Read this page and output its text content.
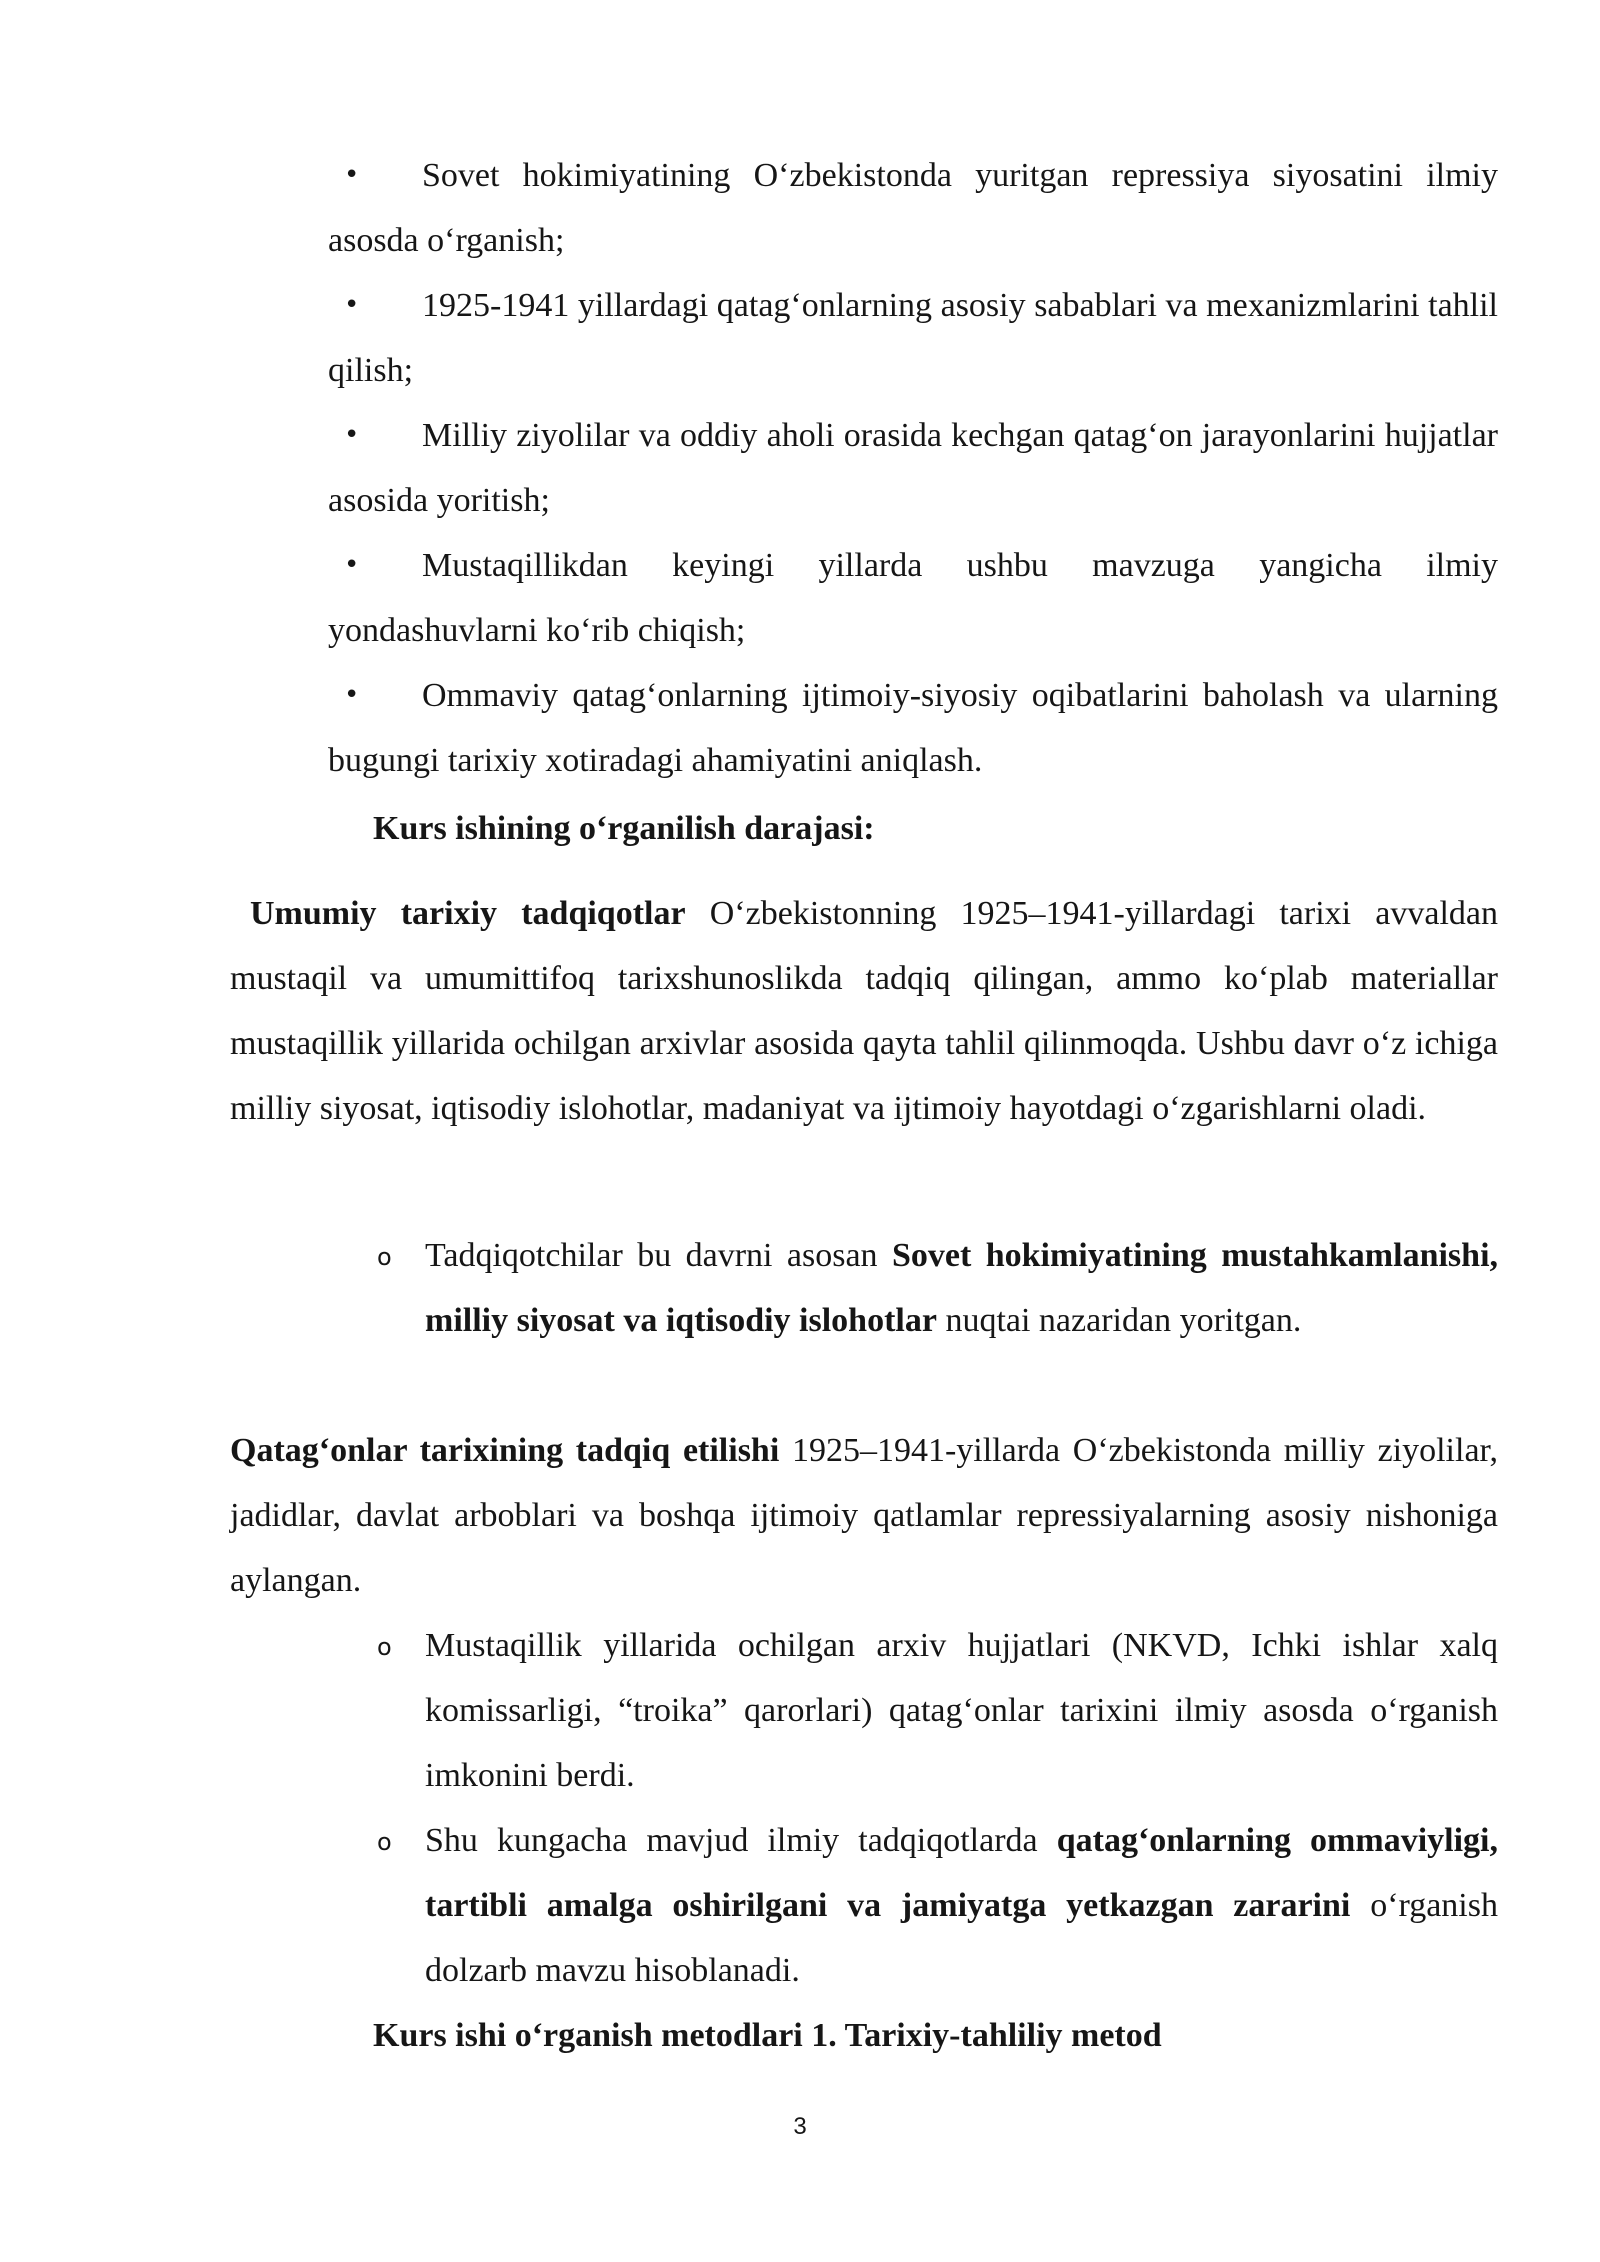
• Sovet hokimiyatining O‘zbekistonda yuritgan repressiya siyosatini ilmiy asosda o‘rganish;
• 1925-1941 yillardagi qatag‘onlarning asosiy sabablari va mexanizmlarini tahlil qilish;
• Milliy ziyolilar va oddiy aholi orasida kechgan qatag‘on jarayonlarini hujjatlar asosida yoritish;
• Mustaqillikdan keyingi yillarda ushbu mavzuga yangicha ilmiy yondashuvlarni ko‘rib chiqish;
• Ommaviy qatag‘onlarning ijtimoiy-siyosiy oqibatlarini baholash va ularning bugungi tarixiy xotiradagi ahamiyatini aniqlash.

Kurs ishining o‘rganilish darajasi:

Umumiy tarixiy tadqiqotlar O‘zbekistonning 1925–1941-yillardagi tarixi avvaldan mustaqil va umumittifoq tarixshunoslikda tadqiq qilingan, ammo ko‘plab materiallar mustaqillik yillarida ochilgan arxivlar asosida qayta tahlil qilinmoqda. Ushbu davr o‘z ichiga milliy siyosat, iqtisodiy islohotlar, madaniyat va ijtimoiy hayotdagi o‘zgarishlarni oladi.

o Tadqiqotchilar bu davrni asosan Sovet hokimiyatining mustahkamlanishi, milliy siyosat va iqtisodiy islohotlar nuqtai nazaridan yoritgan.

Qatag‘onlar tarixining tadqiq etilishi 1925–1941-yillarda O‘zbekistonda milliy ziyolilar, jadidlar, davlat arboblari va boshqa ijtimoiy qatlamlar repressiyalarning asosiy nishoniga aylangan.

o Mustaqillik yillarida ochilgan arxiv hujjatlari (NKVD, Ichki ishlar xalq komissarligi, “troika” qarorlari) qatag‘onlar tarixini ilmiy asosda o‘rganish imkonini berdi.
o Shu kungacha mavjud ilmiy tadqiqotlarda qatag‘onlarning ommaviyligi, tartibli amalga oshirilgani va jamiyatga yetkazgan zararini o‘rganish dolzarb mavzu hisoblanadi.

Kurs ishi o‘rganish metodlari 1. Tarixiy-tahliliy metod

3
